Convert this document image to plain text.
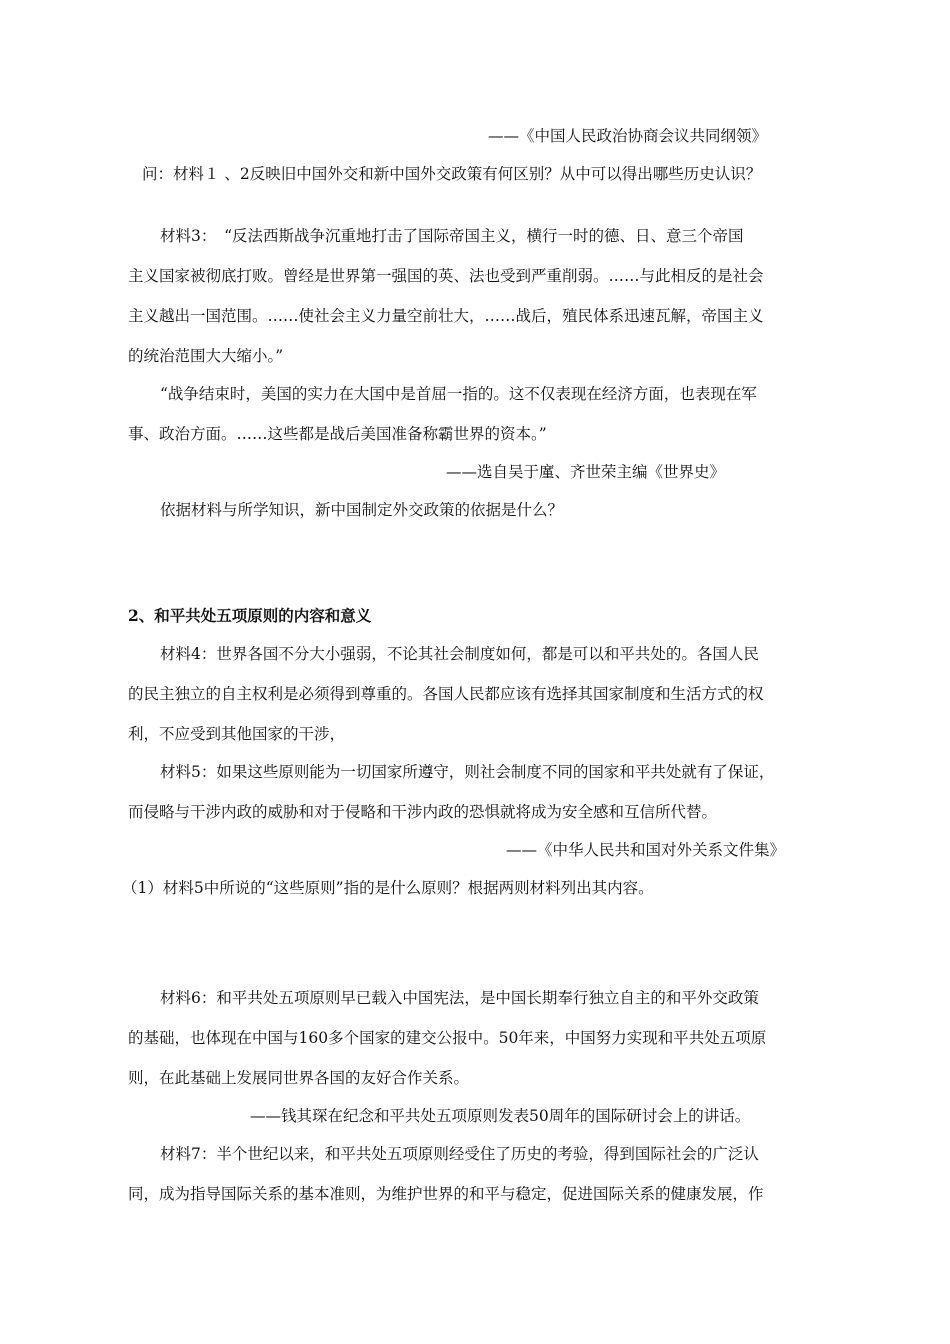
——《中国人民政治协商会议共同纲领》
问：材料１ 、2反映旧中国外交和新中国外交政策有何区别？从中可以得出哪些历史认识？
材料3：　“反法西斯战争沉重地打击了国际帝国主义，横行一时的德、日、意三个帝国
主义国家被彻底打败。曾经是世界第一强国的英、法也受到严重削弱。……与此相反的是社会
主义越出一国范围。……使社会主义力量空前壮大，……战后，殖民体系迅速瓦解，帝国主义
的统治范围大大缩小。”
“战争结束时，美国的实力在大国中是首屈一指的。这不仅表现在经济方面，也表现在军
事、政治方面。……这些都是战后美国准备称霸世界的资本。”
——选自吴于廑、齐世荣主编《世界史》
依据材料与所学知识，新中国制定外交政策的依据是什么？
2、和平共处五项原则的内容和意义
材料4：世界各国不分大小强弱，不论其社会制度如何，都是可以和平共处的。各国人民
的民主独立的自主权利是必须得到尊重的。各国人民都应该有选择其国家制度和生活方式的权
利，不应受到其他国家的干涉，
材料5：如果这些原则能为一切国家所遵守，则社会制度不同的国家和平共处就有了保证，
而侵略与干涉内政的威胁和对于侵略和干涉内政的恐惧就将成为安全感和互信所代替。
——《中华人民共和国对外关系文件集》
（1）材料5中所说的“这些原则”指的是什么原则？根据两则材料列出其内容。
材料6：和平共处五项原则早已载入中国宪法，是中国长期奉行独立自主的和平外交政策
的基础，也体现在中国与160多个国家的建交公报中。50年来，中国努力实现和平共处五项原
则，在此基础上发展同世界各国的友好合作关系。
——钱其琛在纪念和平共处五项原则发表50周年的国际研讨会上的讲话。
材料7：半个世纪以来，和平共处五项原则经受住了历史的考验，得到国际社会的广泛认
同，成为指导国际关系的基本准则，为维护世界的和平与稳定，促进国际关系的健康发展，作
